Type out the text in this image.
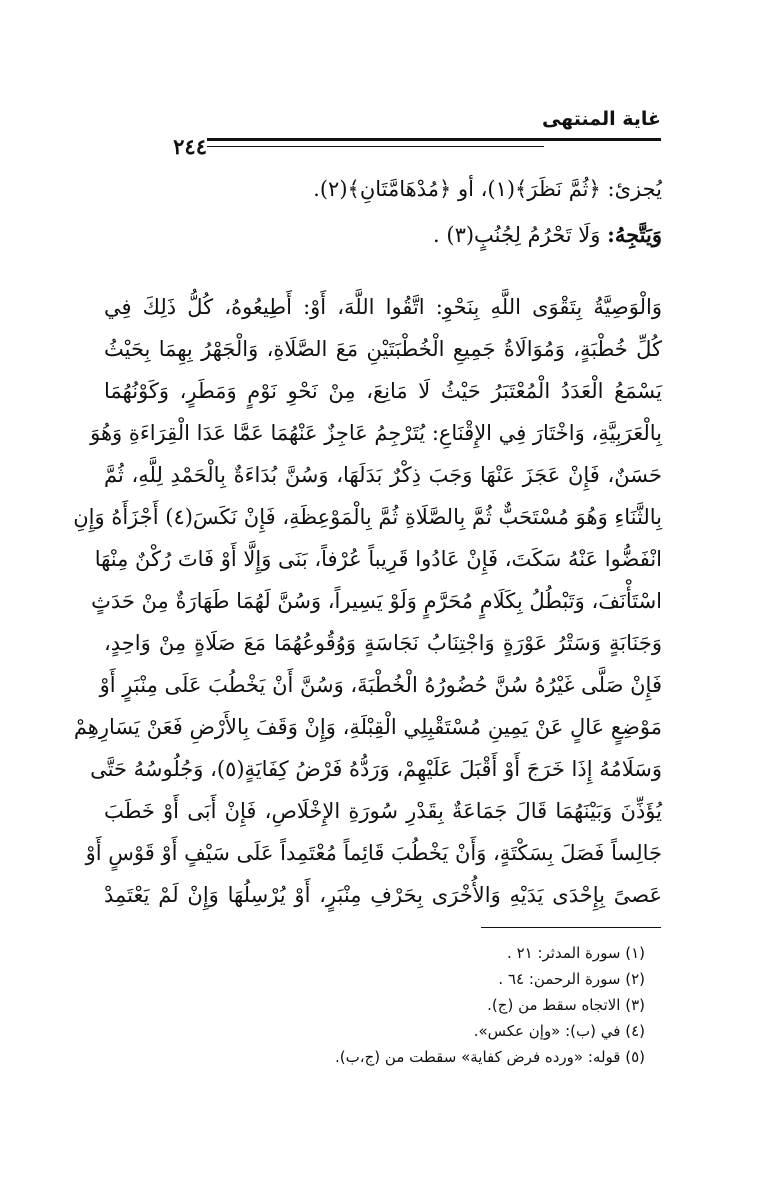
غاية المنتهى
٢٤٤
يُجزئ: ﴿ثُمَّ نَظَرَ﴾(١)، أو ﴿مُدْهَامَّتَانِ﴾(٢).
وَيَتَّجِهُ: وَلَا تَحْرُمُ لِجُنُبٍ(٣) .
وَالْوَصِيَّةُ بِتَقْوَى اللَّهِ بِنَحْوِ: اتَّقُوا اللَّهَ، أَوْ: أَطِيعُوهُ، كُلُّ ذَلِكَ فِي
كُلِّ خُطْبَةٍ، وَمُوَالَاةُ جَمِيعِ الْخُطْبَتَيْنِ مَعَ الصَّلَاةِ، وَالْجَهْرُ بِهِمَا بِحَيْثُ
يَسْمَعُ الْعَدَدُ الْمُعْتَبَرُ حَيْثُ لَا مَانِعَ، مِنْ نَحْوِ نَوْمٍ وَمَطَرٍ، وَكَوْنُهُمَا
بِالْعَرَبِيَّةِ، وَاخْتَارَ فِي الإِقْنَاعِ: يُتَرْجِمُ عَاجِزٌ عَنْهُمَا عَمَّا عَدَا الْقِرَاءَةِ وَهُوَ
حَسَنٌ، فَإِنْ عَجَزَ عَنْهَا وَجَبَ ذِكْرٌ بَدَلَهَا، وَسُنَّ بُدَاءَةٌ بِالْحَمْدِ لِلَّهِ، ثُمَّ
بِالثَّنَاءِ وَهُوَ مُسْتَحَبٌّ ثُمَّ بِالصَّلَاةِ ثُمَّ بِالْمَوْعِظَةِ، فَإِنْ نَكَسَ(٤) أَجْزَأَهُ وَإِنِ
انْفَضُّوا عَنْهُ سَكَتَ، فَإِنْ عَادُوا قَرِيباً عُرْفاً، بَنَى وَإِلَّا أَوْ فَاتَ رُكْنٌ مِنْهَا
اسْتَأْنَفَ، وَتَبْطُلُ بِكَلَامٍ مُحَرَّمٍ وَلَوْ يَسِيراً، وَسُنَّ لَهُمَا طَهَارَةٌ مِنْ حَدَثٍ
وَجَنَابَةٍ وَسَتْرُ عَوْرَةٍ وَاجْتِنَابُ نَجَاسَةٍ وَوُقُوعُهُمَا مَعَ صَلَاةٍ مِنْ وَاحِدٍ،
فَإِنْ صَلَّى غَيْرُهُ سُنَّ حُضُورُهُ الْخُطْبَةَ، وَسُنَّ أَنْ يَخْطُبَ عَلَى مِنْبَرٍ أَوْ
مَوْضِعٍ عَالٍ عَنْ يَمِينِ مُسْتَقْبِلِي الْقِبْلَةِ، وَإِنْ وَقَفَ بِالأَرْضِ فَعَنْ يَسَارِهِمْ
وَسَلَامُهُ إِذَا خَرَجَ أَوْ أَقْبَلَ عَلَيْهِمْ، وَرَدُّهُ فَرْضُ كِفَايَةٍ(٥)، وَجُلُوسُهُ حَتَّى
يُؤَذِّنَ وَبَيْنَهُمَا قَالَ جَمَاعَةٌ بِقَدْرِ سُورَةِ الإِخْلَاصِ، فَإِنْ أَبَى أَوْ خَطَبَ
جَالِساً فَصَلَ بِسَكْتَةٍ، وَأَنْ يَخْطُبَ قَائِماً مُعْتَمِداً عَلَى سَيْفٍ أَوْ قَوْسٍ أَوْ
عَصىً بِإِحْدَى يَدَيْهِ وَالأُخْرَى بِحَرْفِ مِنْبَرٍ، أَوْ يُرْسِلُهَا وَإِنْ لَمْ يَعْتَمِدْ
(١) سورة المدثر: ٢١ .
(٢) سورة الرحمن: ٦٤ .
(٣) الاتجاه سقط من (ج).
(٤) في (ب): «وإن عكس».
(٥) قوله: «ورده فرض كفاية» سقطت من (ج،ب).
